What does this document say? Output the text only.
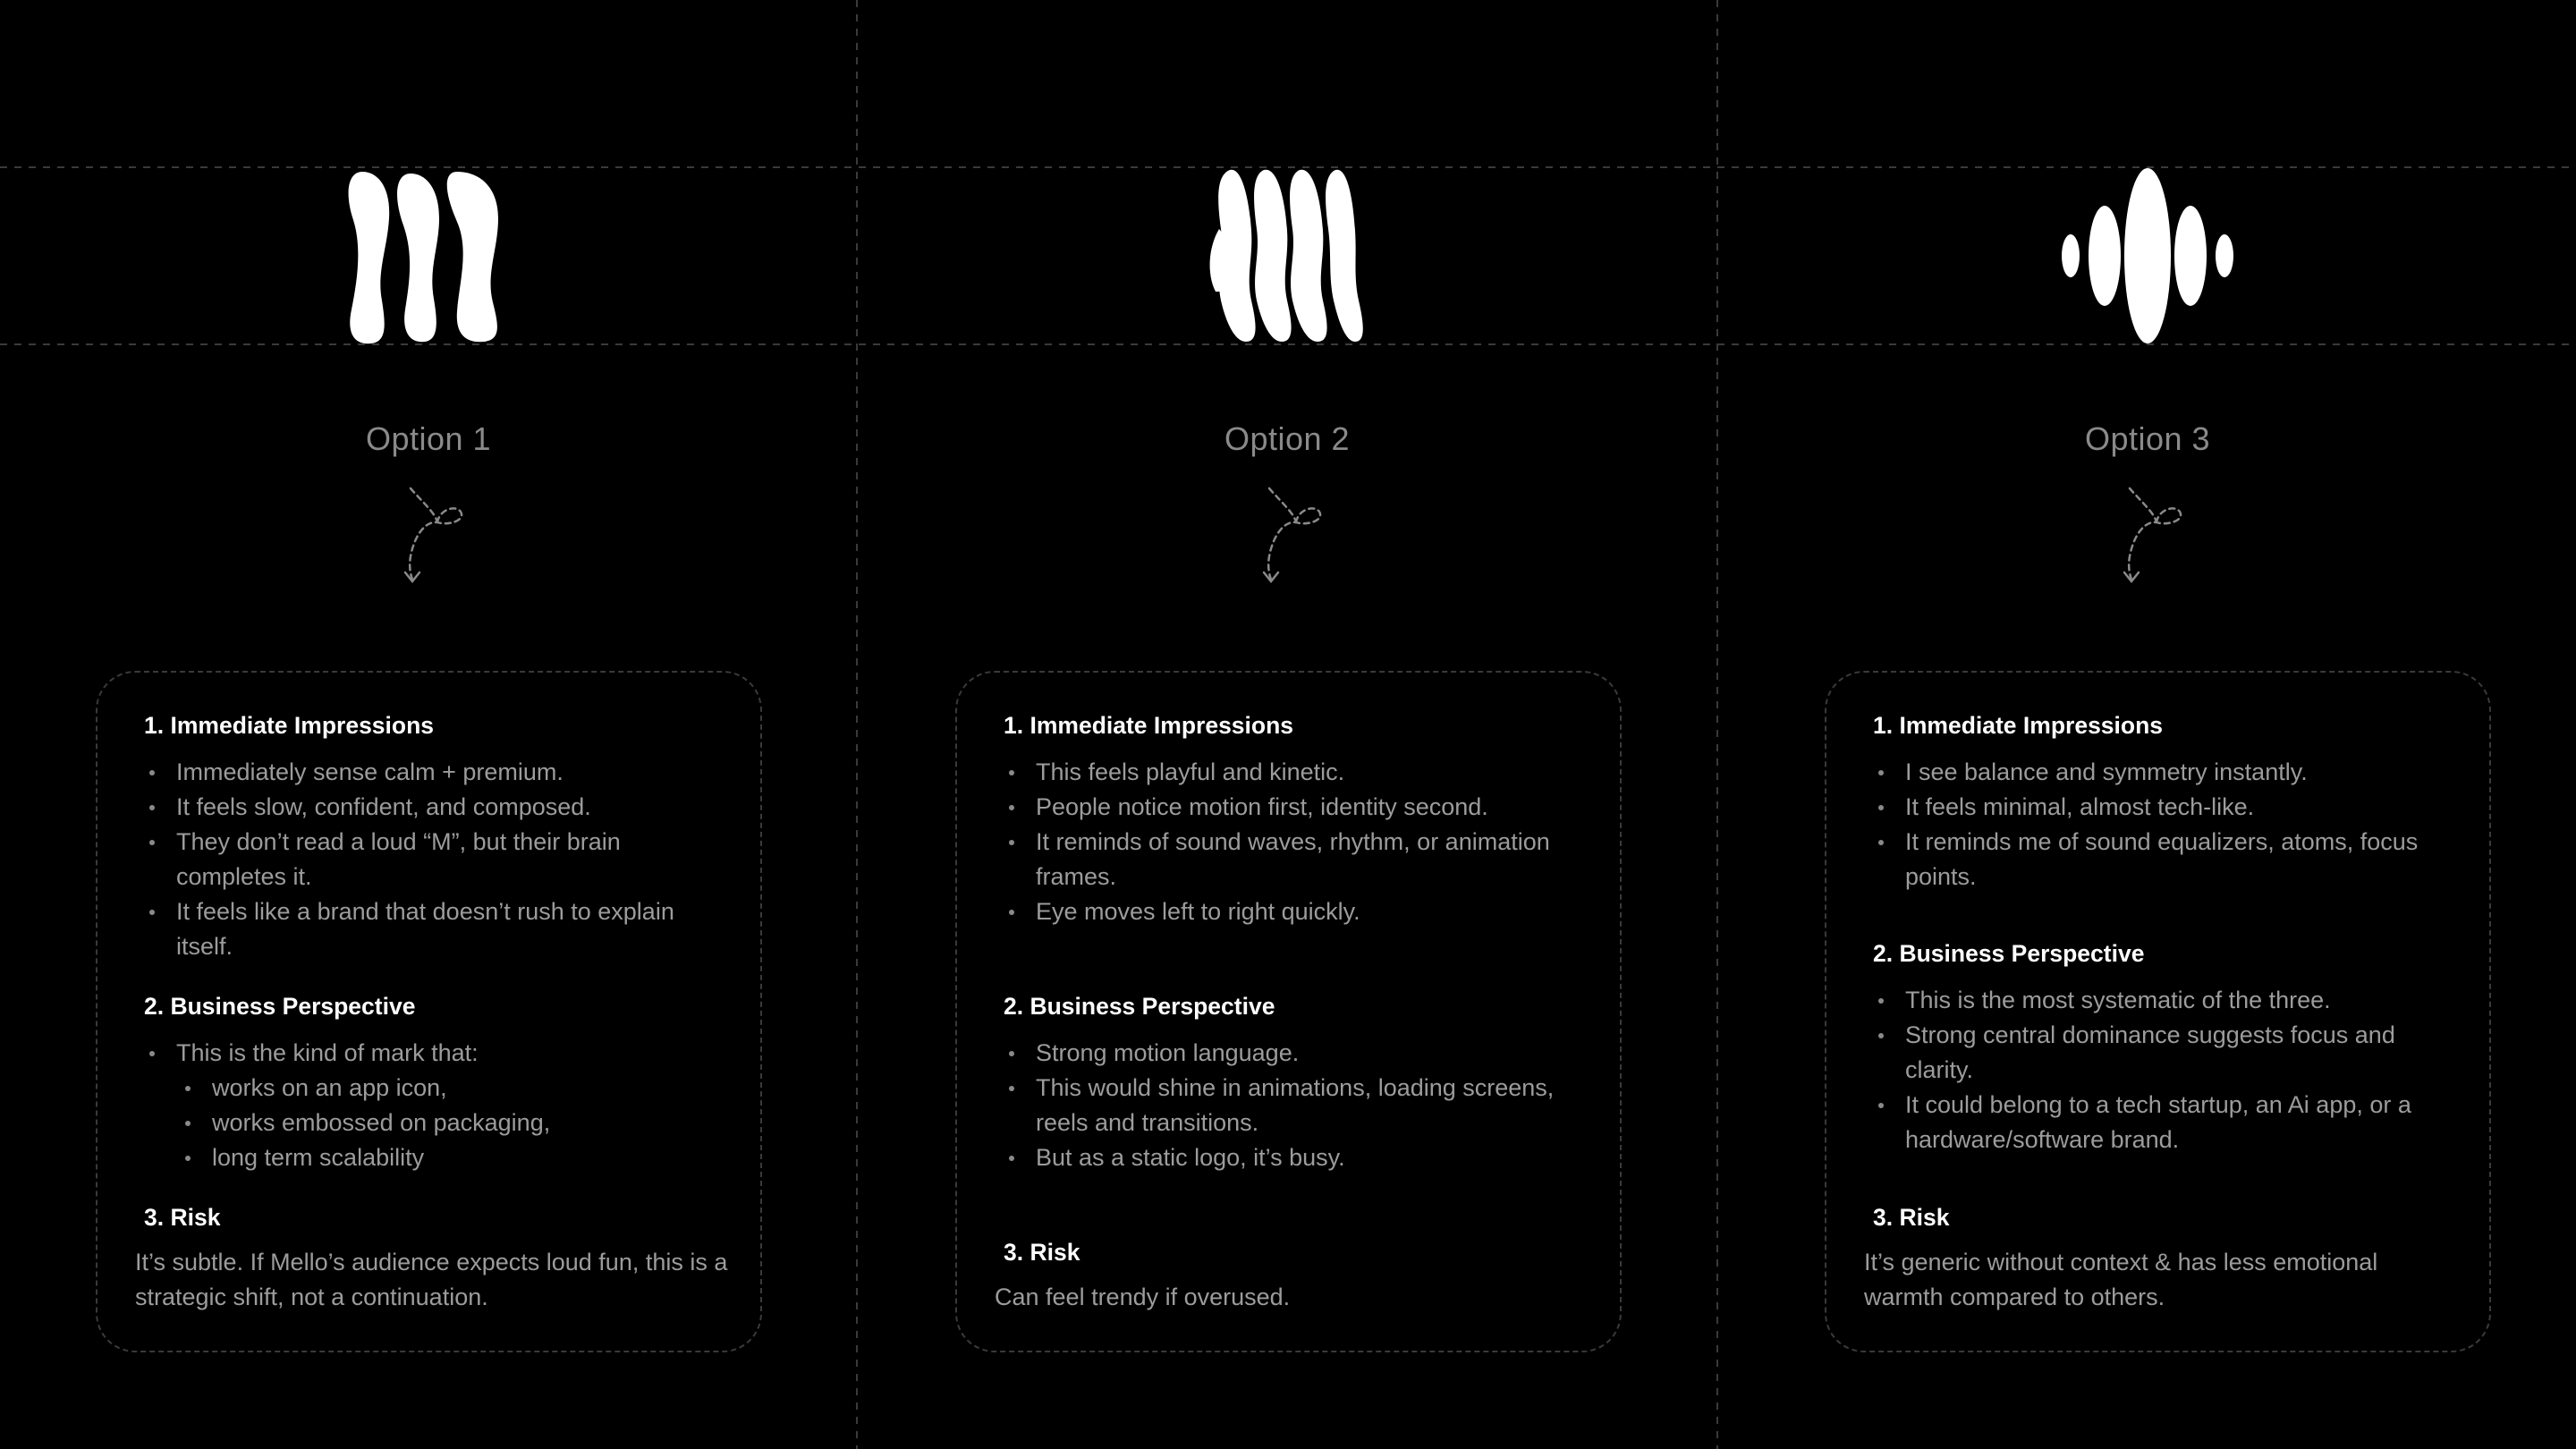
Option 1
1. Immediate Impressions
Immediately sense calm + premium.
It feels slow, confident, and composed.
They don’t read a loud “M”, but their brain completes it.
It feels like a brand that doesn’t rush to explain itself.
2. Business Perspective
This is the kind of mark that:
works on an app icon,
works embossed on packaging,
long term scalability
3. Risk

It’s subtle. If Mello’s audience expects loud fun, this is a strategic shift, not a continuation.

Option 2
1. Immediate Impressions
This feels playful and kinetic.
People notice motion first, identity second.
It reminds of sound waves, rhythm, or animation frames.
Eye moves left to right quickly.
2. Business Perspective
Strong motion language.
This would shine in animations, loading screens, reels and transitions.
But as a static logo, it’s busy.
3. Risk

Can feel trendy if overused.

Option 3
1. Immediate Impressions
I see balance and symmetry instantly.
It feels minimal, almost tech-like.
It reminds me of sound equalizers, atoms, focus points.
2. Business Perspective
This is the most systematic of the three.
Strong central dominance suggests focus and clarity.
It could belong to a tech startup, an Ai app, or a hardware/software brand.
3. Risk

It’s generic without context & has less emotional warmth compared to others.
